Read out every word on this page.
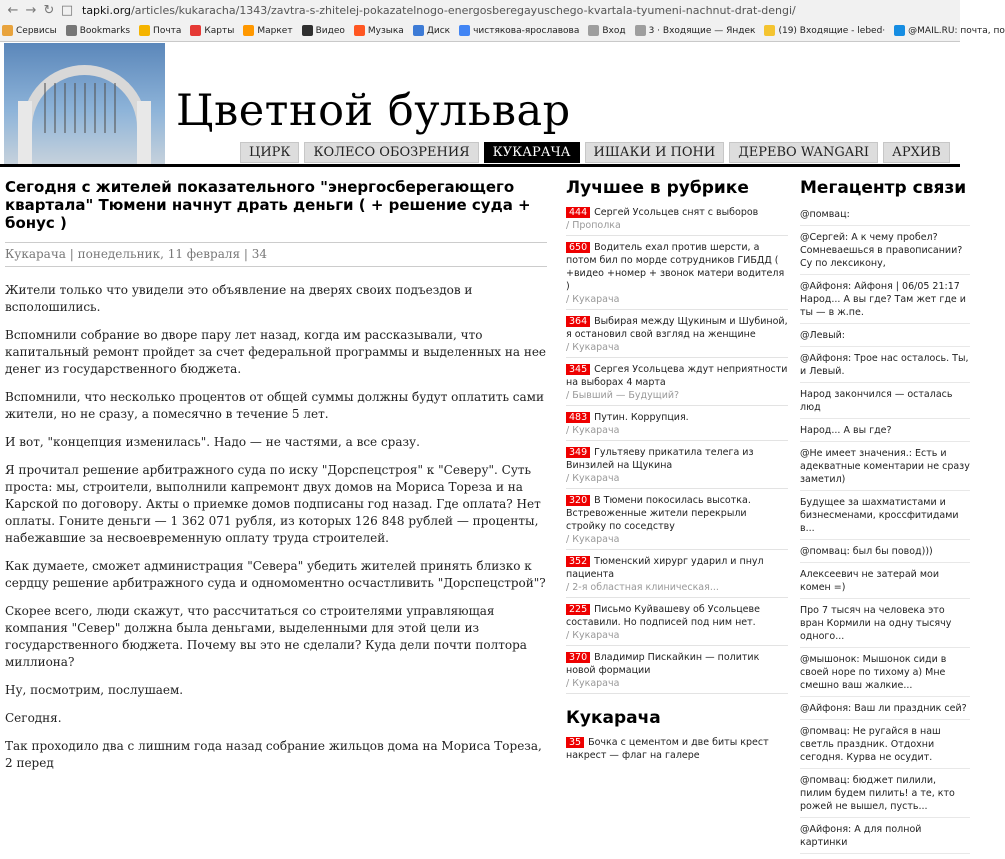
← → ↻ □ tapki.org/articles/kukaracha/1343/zavtra-s-zhitelej-pokazatelnogo-energosberegayuschego-kvartala-tyumeni-nachnut-drat-dengi/
Сервисы	Bookmarks	Почта	Карты	Маркет	Видео	Музыка	Диск	чистякова-ярославова	Вход	3 · Входящие — Яндек	(19) Входящие - lebed·	@MAIL.RU: почта, по
Цветной бульвар
ЦИРК	КОЛЕСО ОБОЗРЕНИЯ	КУКАРАЧА	ИШАКИ И ПОНИ	ДЕРЕВО WANGARI	АРХИВ
Сегодня с жителей показательного "энергосберегающего квартала" Тюмени начнут драть деньги ( + решение суда + бонус )
Кукарача | понедельник, 11 февраля | 34

Жители только что увидели это объявление на дверях своих подъездов и всполошились.

Вспомнили собрание во дворе пару лет назад, когда им рассказывали, что капитальный ремонт пройдет за счет федеральной программы и выделенных на нее денег из государственного бюджета.

Вспомнили, что несколько процентов от общей суммы должны будут оплатить сами жители, но не сразу, а помесячно в течение 5 лет.

И вот, "концепция изменилась". Надо — не частями, а все сразу.

Я прочитал решение арбитражного суда по иску "Дорспецстроя" к "Северу". Суть проста: мы, строители, выполнили капремонт двух домов на Мориса Тореза и на Карской по договору. Акты о приемке домов подписаны год назад. Где оплата? Нет оплаты. Гоните деньги — 1 362 071 рубля, из которых 126 848 рублей — проценты, набежавшие за несвоевременную оплату труда строителей.

Как думаете, сможет администрация "Севера" убедить жителей принять близко к сердцу решение арбитражного суда и одномоментно осчастливить "Дорспецстрой"?

Скорее всего, люди скажут, что рассчитаться со строителями управляющая компания "Север" должна была деньгами, выделенными для этой цели из государственного бюджета. Почему вы это не сделали? Куда дели почти полтора миллиона?

Ну, посмотрим, послушаем.

Сегодня.

Так проходило два с лишним года назад собрание жильцов дома на Мориса Тореза, 2 перед

Лучшее в рубрике
444 Сергей Усольцев снят с выборов
/ Прополка
650 Водитель ехал против шерсти, а потом бил по морде сотрудников ГИБДД ( +видео +номер + звонок матери водителя )
/ Кукарача
364 Выбирая между Щукиным и Шубиной, я остановил свой взгляд на женщине
/ Кукарача
345 Сергея Усольцева ждут неприятности на выборах 4 марта
/ Бывший — Будущий?
483 Путин. Коррупция.
/ Кукарача
349 Гультяеву прикатила телега из Винзилей на Щукина
/ Кукарача
320 В Тюмени покосилась высотка. Встревоженные жители перекрыли стройку по соседству
/ Кукарача
352 Тюменский хирург ударил и пнул пациента
/ 2-я областная клиническая...
225 Письмо Куйвашеву об Усольцеве составили. Но подписей под ним нет.
/ Кукарача
370 Владимир Пискайкин — политик новой формации
/ Кукарача
Кукарача
35 Бочка с цементом и две биты крест накрест — флаг на галере
Мегацентр связи
@помвац:
@Сергей: А к чему пробел? Сомневаешься в правописании? Су по лексикону,
@Айфоня: Айфоня | 06/05 21:17
Народ... А вы где? Там жет где и ты — в ж.пе.
@Левый:
@Айфоня: Трое нас осталось. Ты, и Левый.
Народ закончился — осталась люд
Народ... А вы где?
@Не имеет значения.: Есть и адекватные коментарии не сразу заметил)
Будущее за шахматистами и бизнесменами, кроссфитидами в...
@помвац: был бы повод)))
Алексеевич не затерай мои комен =)
Про 7 тысяч на человека это вран Кормили на одну тысячу одного...
@мышонок: Мышонок сиди в своей норе по тихому а) Мне смешно ваш жалкие...
@Айфоня: Ваш ли праздник сей?
@помвац: Не ругайся в наш светль праздник. Отдохни сегодня. Курва не осудит.
@помвац: бюджет пилили, пилим будем пилить! а те, кто рожей не вышел, пусть...
@Айфоня: А для полной картинки
